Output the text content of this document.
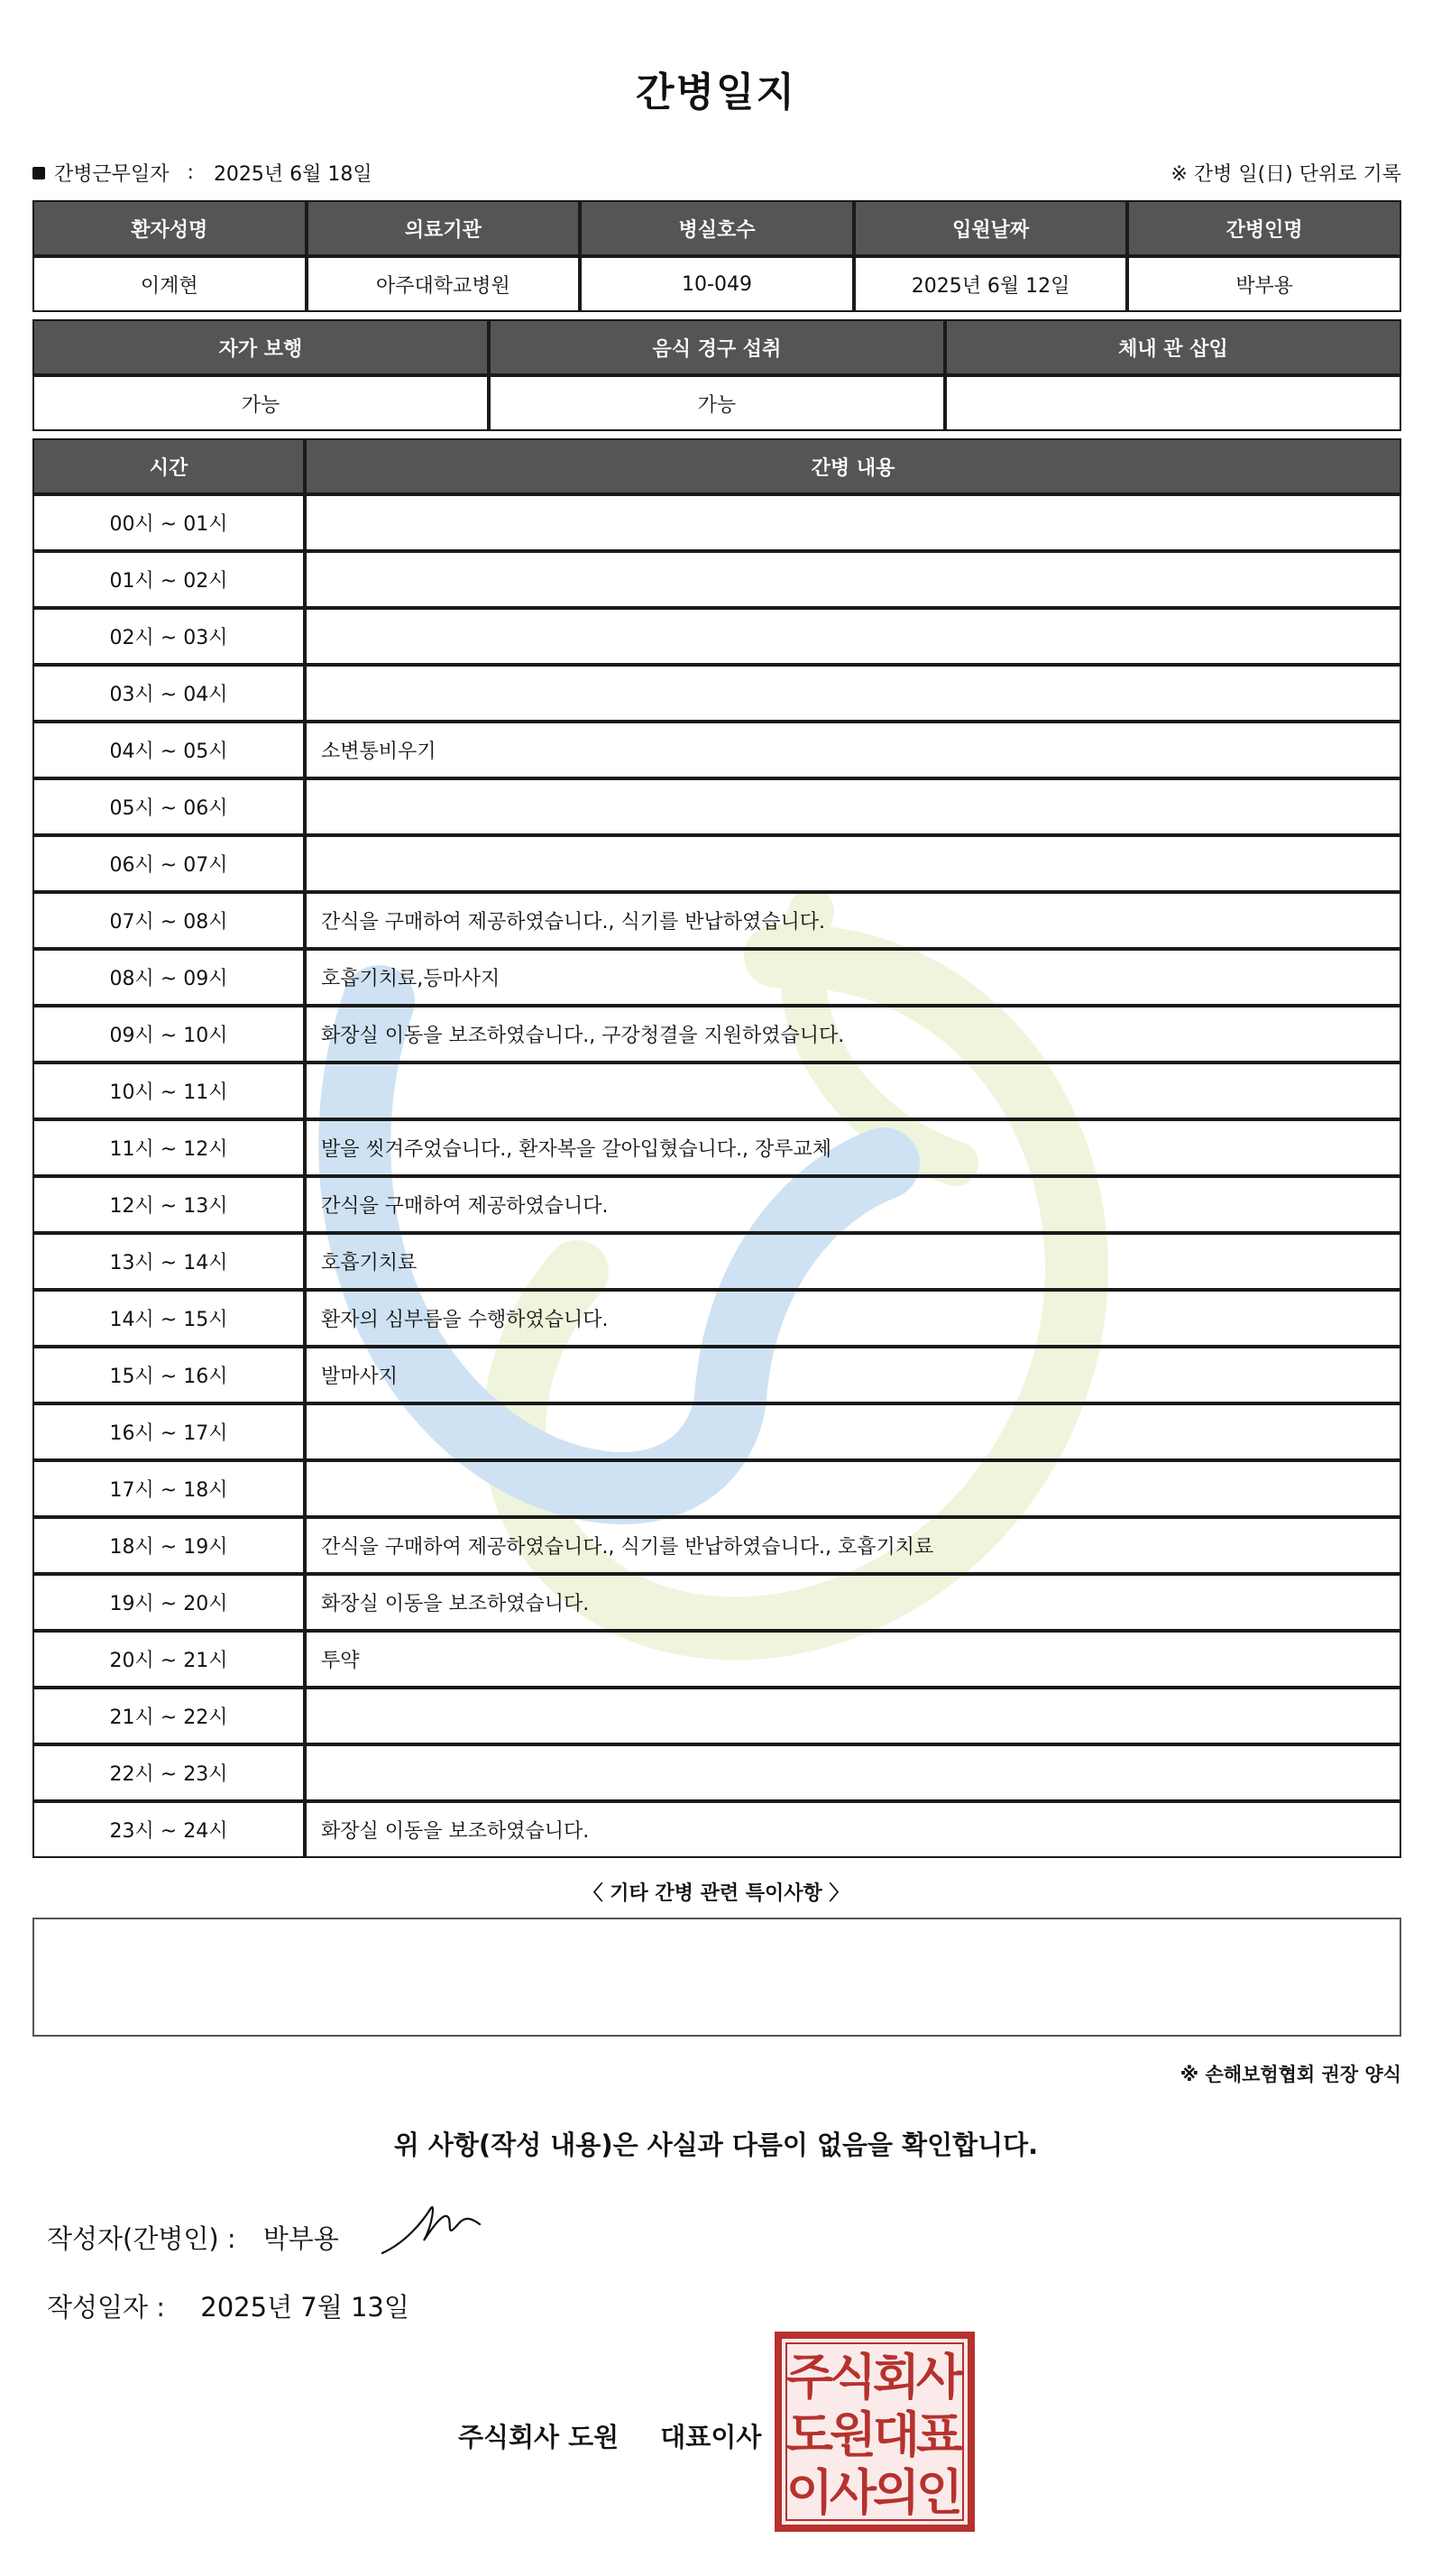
간병일지
간병근무일자 : 2025년 6월 18일	※ 간병 일(日) 단위로 기록
환자성명	의료기관	병실호수	입원날짜	간병인명
이계현	아주대학교병원	10-049	2025년 6월 12일	박부용
자가 보행	음식 경구 섭취	체내 관 삽입
가능	가능	
시간	간병 내용
00시 ~ 01시	
01시 ~ 02시	
02시 ~ 03시	
03시 ~ 04시	
04시 ~ 05시	소변통비우기
05시 ~ 06시	
06시 ~ 07시	
07시 ~ 08시	간식을 구매하여 제공하였습니다., 식기를 반납하였습니다.
08시 ~ 09시	호흡기치료,등마사지
09시 ~ 10시	화장실 이동을 보조하였습니다., 구강청결을 지원하였습니다.
10시 ~ 11시	
11시 ~ 12시	발을 씻겨주었습니다., 환자복을 갈아입혔습니다., 장루교체
12시 ~ 13시	간식을 구매하여 제공하였습니다.
13시 ~ 14시	호흡기치료
14시 ~ 15시	환자의 심부름을 수행하였습니다.
15시 ~ 16시	발마사지
16시 ~ 17시	
17시 ~ 18시	
18시 ~ 19시	간식을 구매하여 제공하였습니다., 식기를 반납하였습니다., 호흡기치료
19시 ~ 20시	화장실 이동을 보조하였습니다.
20시 ~ 21시	투약
21시 ~ 22시	
22시 ~ 23시	
23시 ~ 24시	화장실 이동을 보조하였습니다.
〈 기타 간병 관련 특이사항 〉
※ 손해보험협회 권장 양식
위 사항(작성 내용)은 사실과 다름이 없음을 확인합니다.
작성자(간병인) : 박부용
작성일자 : 2025년 7월 13일
주식회사 도원 대표이사
주
식
회
사
도
원
대
표
이
사
의
인
